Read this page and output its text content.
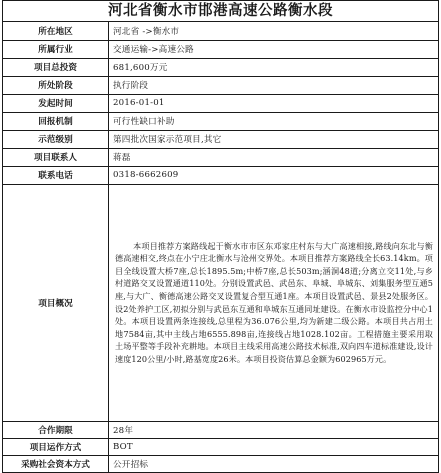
河北省衡水市邯港高速公路衡水段
所在地区	河北省 ->衡水市
所属行业	交通运输->高速公路
项目总投资	681,600万元
所处阶段	执行阶段
发起时间	2016-01-01
回报机制	可行性缺口补助
示范级别	第四批次国家示范项目,其它
项目联系人	蒋磊
联系电话	0318-6662609
项目概况	本项目推荐方案路线起于衡水市市区东邓家庄村东与大广高速相接,路线向东北与衡德高速相交,终点在小宁庄北衡水与沧州交界处。本项目推荐方案路线全长63.14km。项目全线设置大桥7座,总长1895.5m;中桥7座,总长503m;涵洞48道;分离立交11处,与乡村道路交叉设置通道110处。分别设置武邑、武邑东、阜城、阜城东、刘集服务型互通5座,与大广、衡德高速公路交叉设置复合型互通1座。本项目设置武邑、景县2处服务区。设2处养护工区,初拟分别与武邑东互通和阜城东互通同址建设。在衡水市设监控分中心1处。本项目设置两条连接线,总里程为36.076公里,均为新建二级公路。本项目共占用土地7584亩,其中主线占地6555.898亩,连接线占地1028.102亩。工程措施主要采用取土场平整等手段补充耕地。本项目主线采用高速公路技术标准,双向四车道标准建设,设计速度120公里/小时,路基宽度26米。本项目投资估算总金额为602965万元。
合作期限	28年
项目运作方式	BOT
采购社会资本方式	公开招标
